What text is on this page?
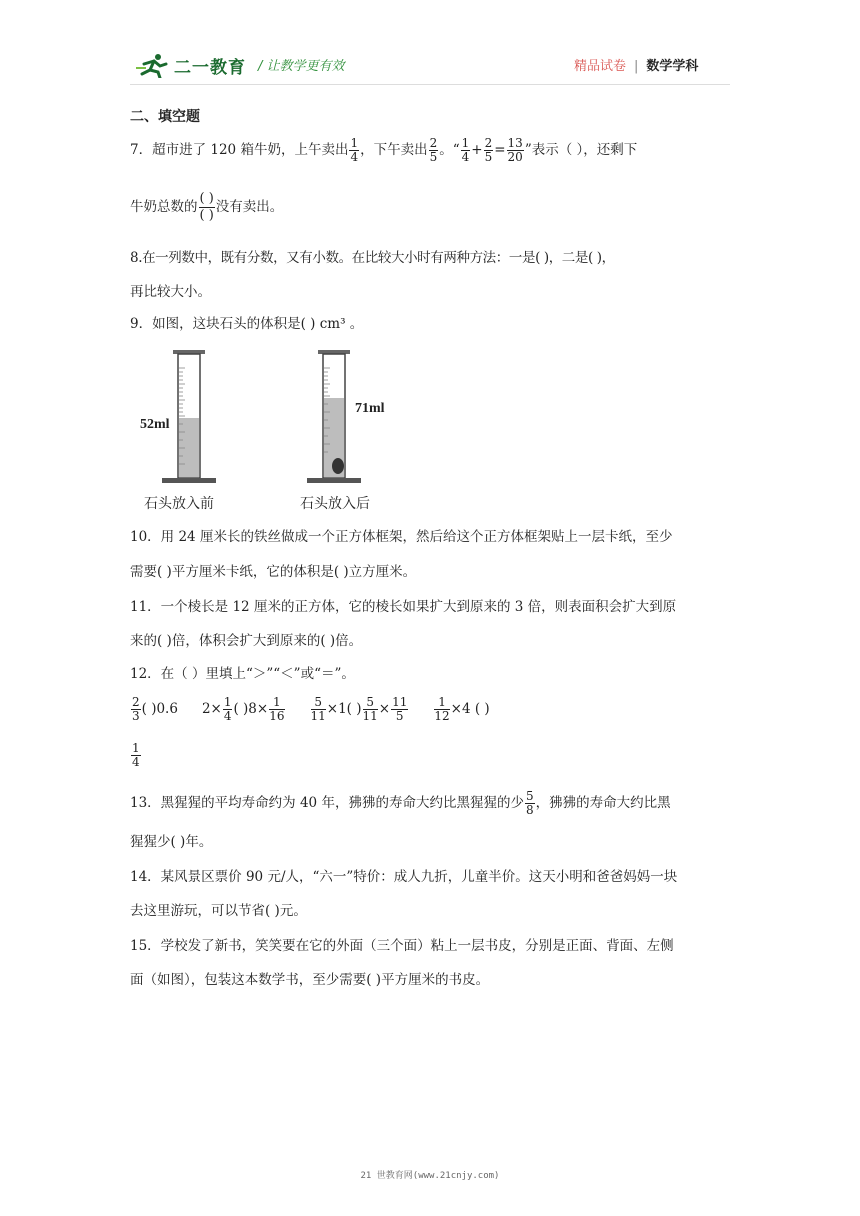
二一教育 / 让教学更有效	精品试卷 | 数学学科
二、填空题
7．超市进了 120 箱牛奶，上午卖出 $\frac{1}{4}$ ，下午卖出 $\frac{2}{5}$ 。“ $\frac{1}{4} + \frac{2}{5} = \frac{13}{20}$ ”表示（ ），还剩下
牛奶总数的 $\frac{( )}{( )}$ 没有卖出。
8.在一列数中，既有分数，又有小数。在比较大小时有两种方法：一是( )，二是( )，
再比较大小。
9．如图，这块石头的体积是( ) cm³ 。
52ml
71ml
石头放入前	石头放入后
10．用 24 厘米长的铁丝做成一个正方体框架，然后给这个正方体框架贴上一层卡纸，至少
需要( )平方厘米卡纸，它的体积是( )立方厘米。
11．一个棱长是 12 厘米的正方体，它的棱长如果扩大到原来的 3 倍，则表面积会扩大到原
来的( )倍，体积会扩大到原来的( )倍。
12．在（ ）里填上“＞”“＜”或“＝”。
$\frac{2}{3}$ ( )0.6 $2\times \frac{1}{4}$ ( )$8\times \frac{1}{16} \frac{5}{11} \times 1$( ) $\frac{5}{11} \times \frac{11}{5} \frac{1}{12} \times 4$ ( )
$\frac{1}{4}$
13．黑猩猩的平均寿命约为 40 年，狒狒的寿命大约比黑猩猩的少 $\frac{5}{8}$ ，狒狒的寿命大约比黑
猩猩少( )年。
14．某风景区票价 90 元/人，“六一”特价：成人九折，儿童半价。这天小明和爸爸妈妈一块
去这里游玩，可以节省( )元。
15．学校发了新书，笑笑要在它的外面（三个面）粘上一层书皮，分别是正面、背面、左侧
面（如图），包装这本数学书，至少需要( )平方厘米的书皮。
21 世教育网(www.21cnjy.com)
